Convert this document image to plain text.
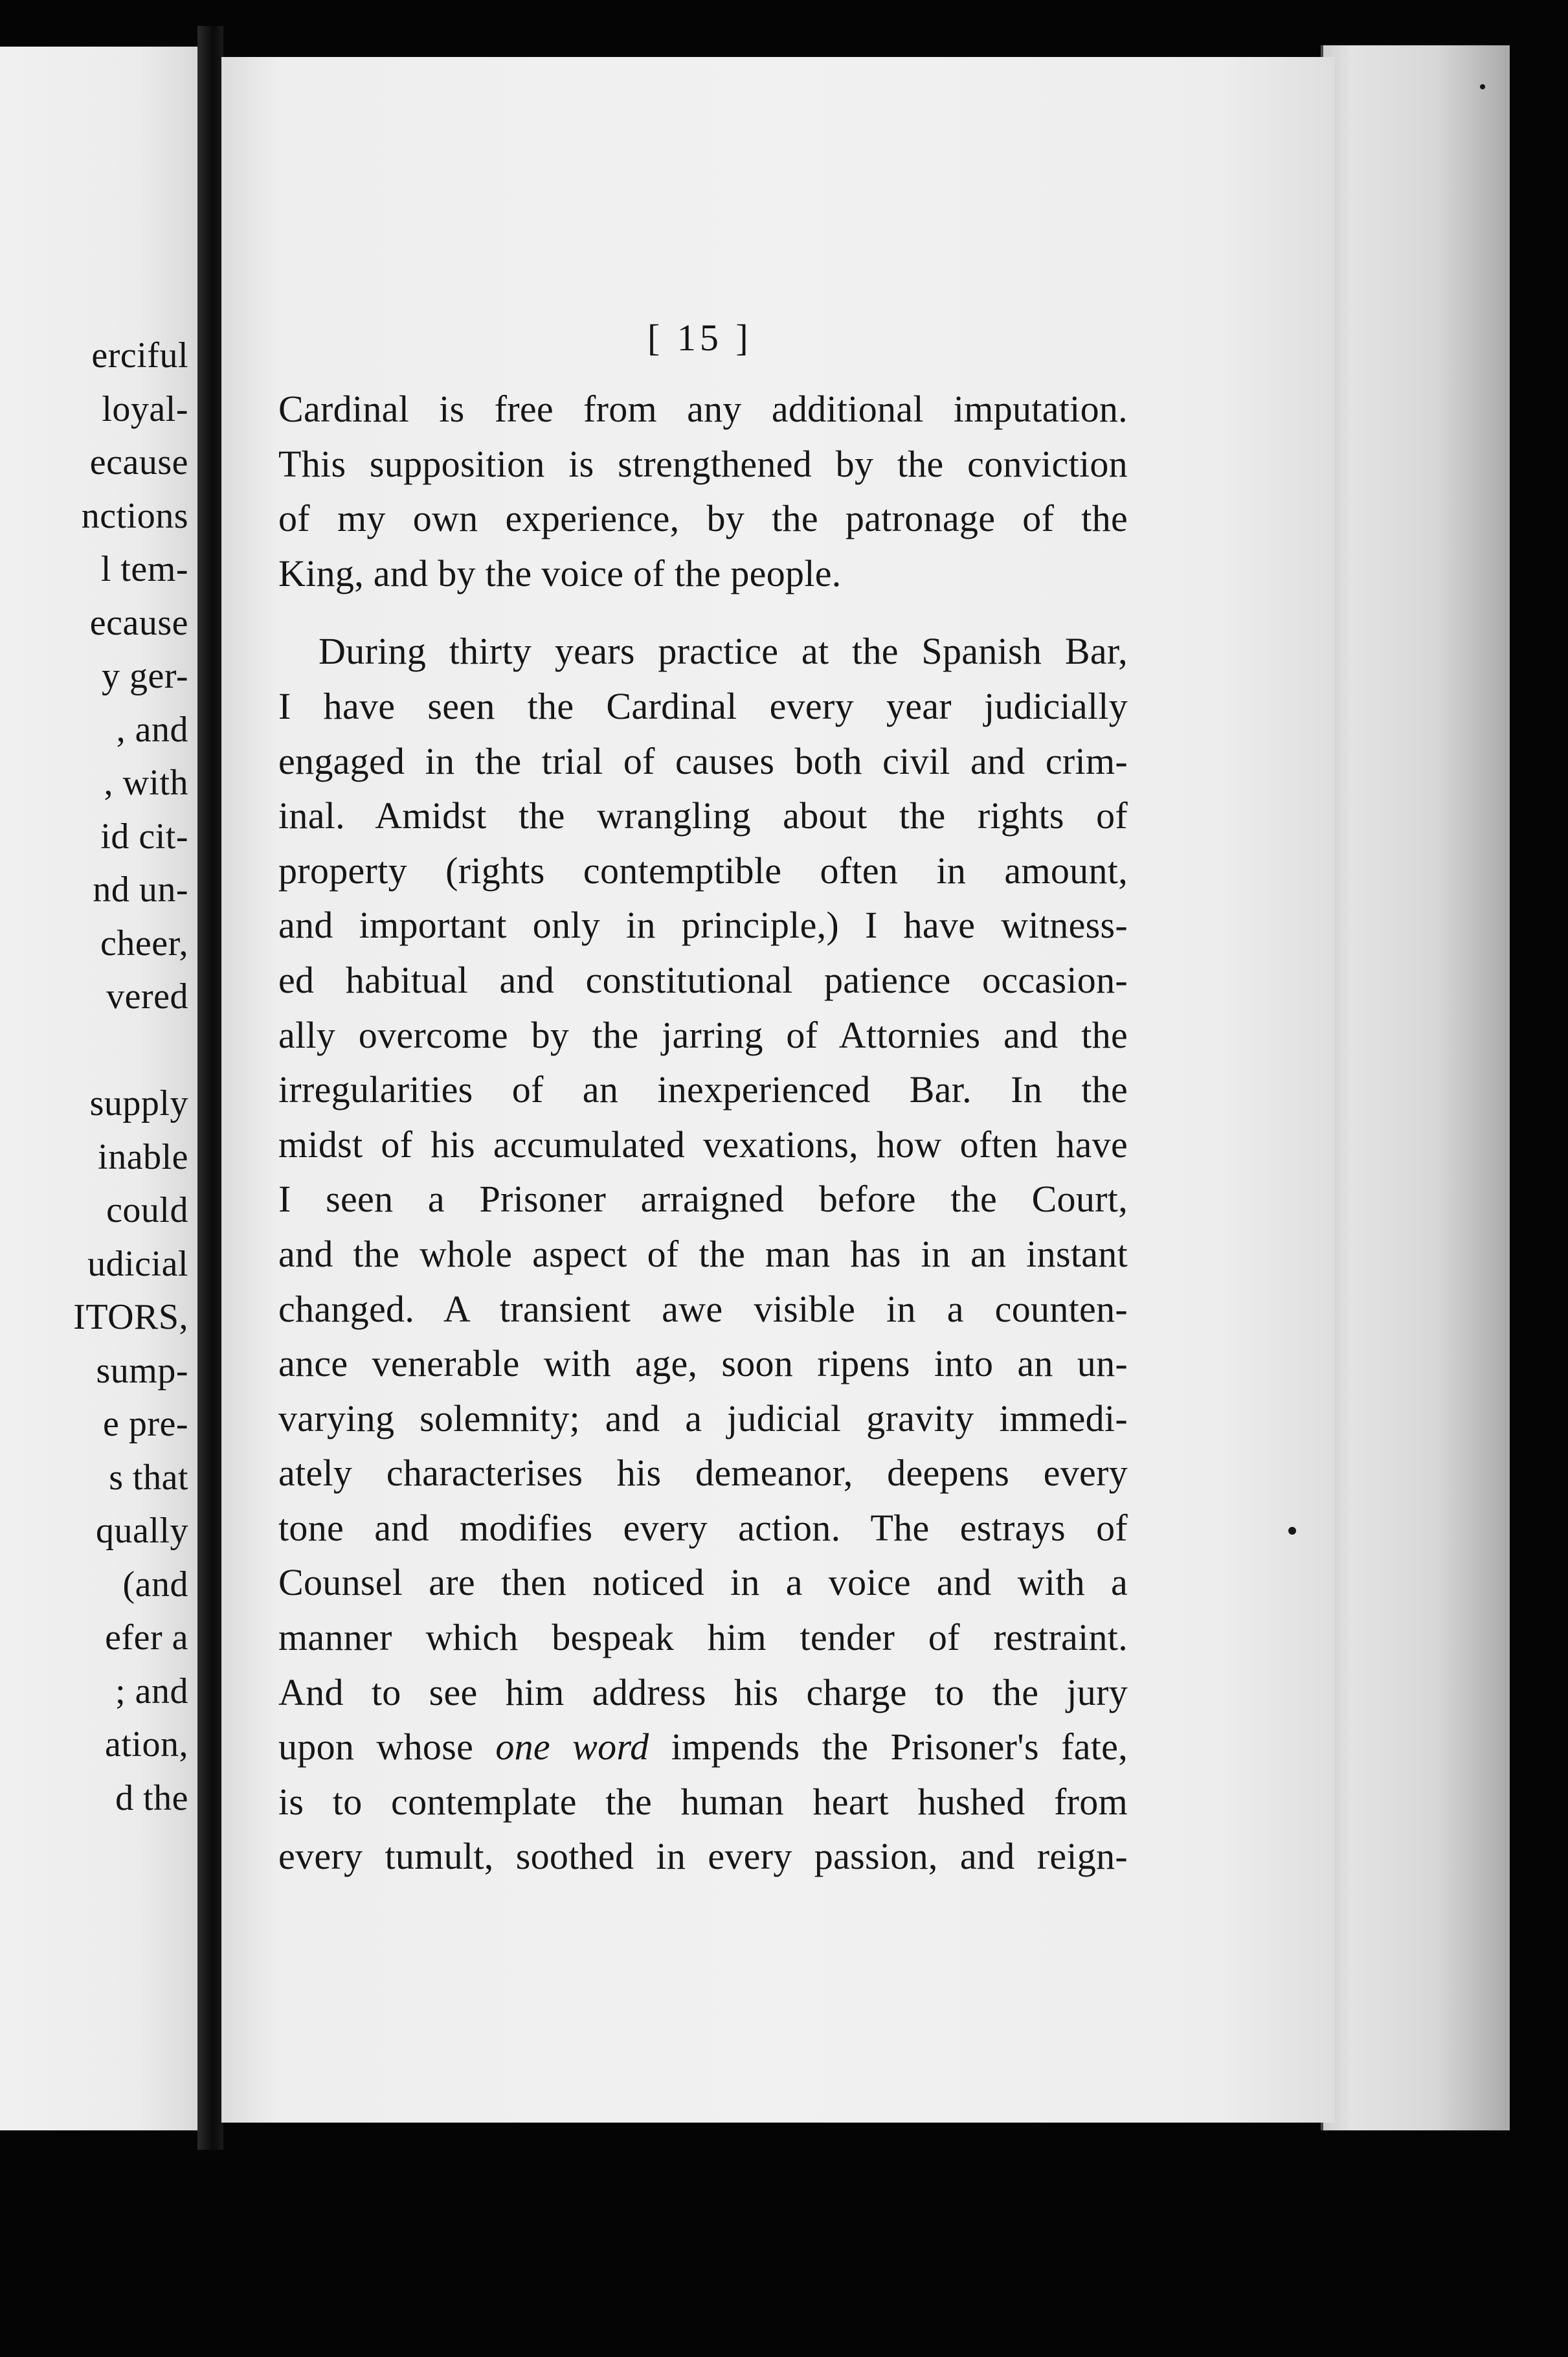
erciful
loyal-
ecause
nctions
l tem-
ecause
y ger-
, and
, with
id cit-
nd un-
cheer,
vered

supply
inable
could
udicial
ITORS,
sump-
e pre-
s that
qually
(and
efer a
; and
ation,
d the
[ 15 ]
Cardinal is free from any additional imputation.
This supposition is strengthened by the conviction
of my own experience, by the patronage of the
King, and by the voice of the people.
During thirty years practice at the Spanish Bar,
I have seen the Cardinal every year judicially
engaged in the trial of causes both civil and crim-
inal. Amidst the wrangling about the rights of
property (rights contemptible often in amount,
and important only in principle,) I have witness-
ed habitual and constitutional patience occasion-
ally overcome by the jarring of Attornies and the
irregularities of an inexperienced Bar. In the
midst of his accumulated vexations, how often have
I seen a Prisoner arraigned before the Court,
and the whole aspect of the man has in an instant
changed. A transient awe visible in a counten-
ance venerable with age, soon ripens into an un-
varying solemnity; and a judicial gravity immedi-
ately characterises his demeanor, deepens every
tone and modifies every action. The estrays of
Counsel are then noticed in a voice and with a
manner which bespeak him tender of restraint.
And to see him address his charge to the jury
upon whose one word impends the Prisoner's fate,
is to contemplate the human heart hushed from
every tumult, soothed in every passion, and reign-
